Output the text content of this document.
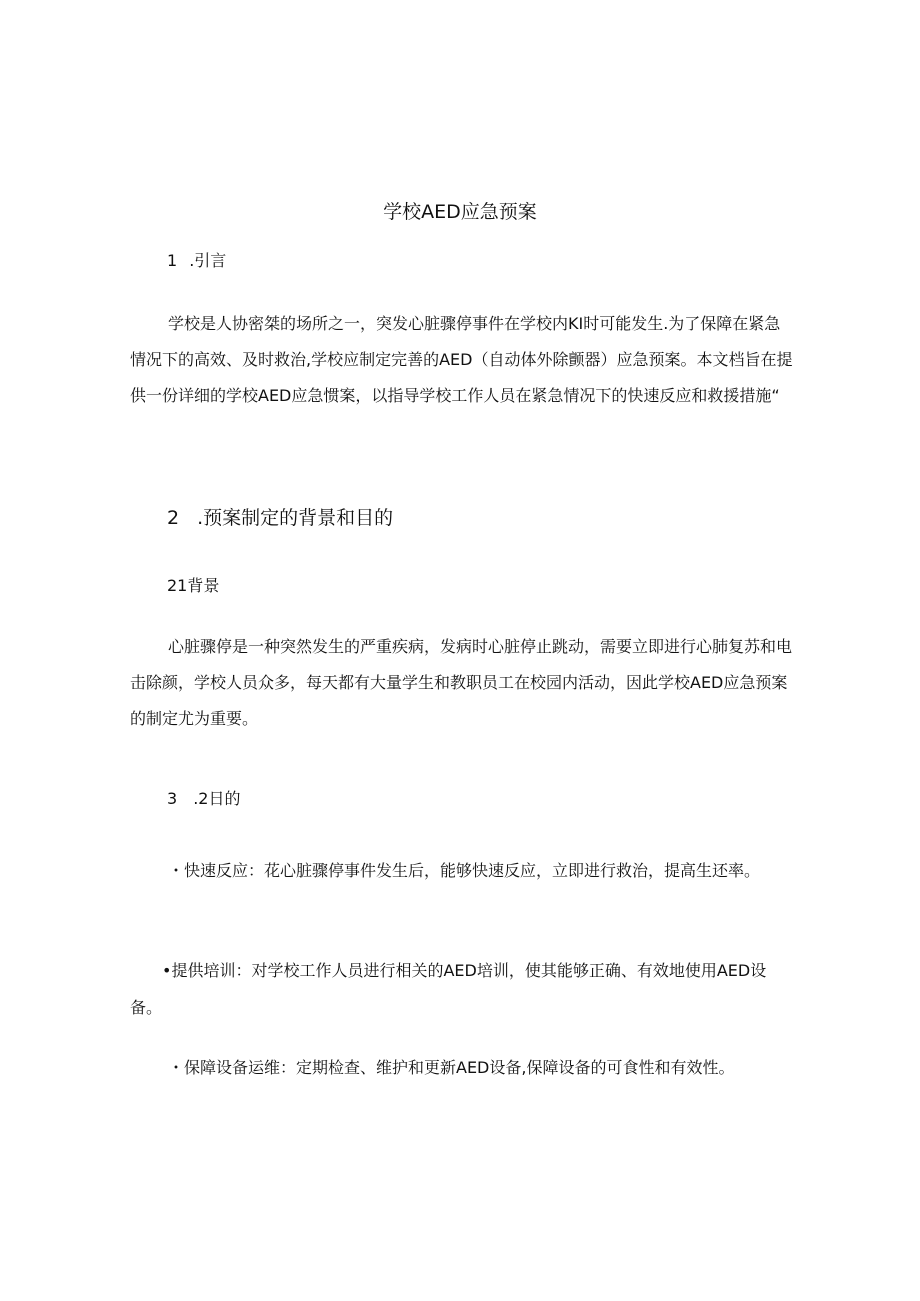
学校AED应急预案
1 .引言

学校是人协密桀的场所之一，突发心脏骤停事件在学校内KI时可能发生.为了保障在紧急情况下的高效、及时救治,学校应制定完善的AED（自动体外除颤器）应急预案。本文档旨在提供一份详细的学校AED应急惯案，以指导学校工作人员在紧急情况下的快速反应和救援措施“

2 .预案制定的背景和目的
21背景

心脏骤停是一种突然发生的严重疾病，发病时心脏停止跳动，需要立即进行心肺复苏和电击除颜，学校人员众多，每天都有大量学生和教职员工在校园内活动，因此学校AED应急预案的制定尤为重要。

3 .2日的

・快速反应：花心脏骤停事件发生后，能够快速反应，立即进行救治，提高生还率。

•提供培训：对学校工作人员进行相关的AED培训，使其能够正确、有效地使用AED设备。

・保障设备运维：定期检查、维护和更新AED设备,保障设备的可食性和有效性。
